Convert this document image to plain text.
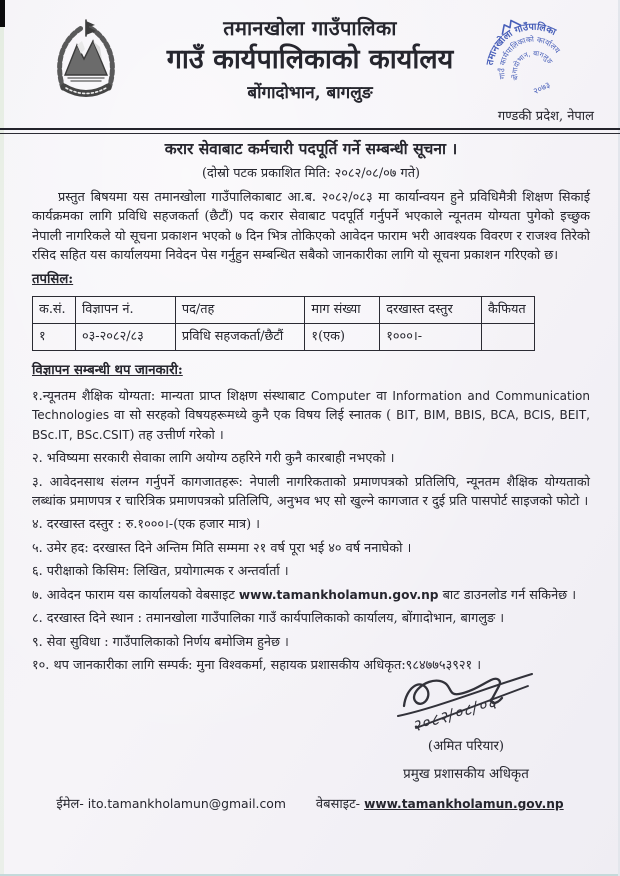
तमानखोला गाउँपालिका
गाउँ कार्यपालिकाको कार्यालय
बोंगादोभान, बागलुङ
तमानखोला गाउँपालिका
गाउँ कार्यपालिकाको कार्यालय
बोंगादोभान, बागलुङ
२०७३
गण्डकी प्रदेश, नेपाल
करार सेवाबाट कर्मचारी पदपूर्ति गर्ने सम्बन्धी सूचना ।
(दोस्रो पटक प्रकाशित मिति: २०८२/०८/०७ गते)

प्रस्तुत बिषयमा यस तमानखोला गाउँपालिकाबाट आ.ब. २०८२/०८३ मा कार्यान्वयन हुने प्रविधिमैत्री शिक्षण सिकाई कार्यक्रमका लागि प्रविधि सहजकर्ता (छैटौं) पद करार सेवाबाट पदपूर्ति गर्नुपर्ने भएकाले न्यूनतम योग्यता पुगेको इच्छुक नेपाली नागरिकले यो सूचना प्रकाशन भएको ७ दिन भित्र तोकिएको आवेदन फाराम भरी आवश्यक विवरण र राजश्व तिरेको रसिद सहित यस कार्यालयमा निवेदन पेस गर्नुहुन सम्बन्धित सबैको जानकारीका लागि यो सूचना प्रकाशन गरिएको छ।

तपसिल:
क.सं.	विज्ञापन नं.	पद/तह	माग संख्या	दरखास्त दस्तुर	कैफियत
१	०३-२०८२/८३	प्रविधि सहजकर्ता/छैटौं	१(एक)	१०००।-	
विज्ञापन सम्बन्धी थप जानकारी:

१.न्यूनतम शैक्षिक योग्यता: मान्यता प्राप्त शिक्षण संस्थाबाट Computer वा Information and Communication Technologies वा सो सरहको विषयहरूमध्ये कुनै एक विषय लिई स्नातक ( BIT, BIM, BBIS, BCA, BCIS, BEIT, BSc.IT, BSc.CSIT) तह उत्तीर्ण गरेको ।

२. भविष्यमा सरकारी सेवाका लागि अयोग्य ठहरिने गरी कुनै कारबाही नभएको ।

३. आवेदनसाथ संलग्न गर्नुपर्ने कागजातहरू: नेपाली नागरिकताको प्रमाणपत्रको प्रतिलिपि, न्यूनतम शैक्षिक योग्यताको लब्धांक प्रमाणपत्र र चारित्रिक प्रमाणपत्रको प्रतिलिपि, अनुभव भए सो खुल्ने कागजात र दुई प्रति पासपोर्ट साइजको फोटो ।

४. दरखास्त दस्तुर : रु.१०००।-(एक हजार मात्र) ।

५. उमेर हद: दरखास्त दिने अन्तिम मिति सम्ममा २१ वर्ष पूरा भई ४० वर्ष ननाघेको ।

६. परीक्षाको किसिम: लिखित, प्रयोगात्मक र अन्तर्वार्ता ।

७. आवेदन फाराम यस कार्यालयको वेबसाइट www.tamankholamun.gov.np बाट डाउनलोड गर्न सकिनेछ ।

८. दरखास्त दिने स्थान : तमानखोला गाउँपालिका गाउँ कार्यपालिकाको कार्यालय, बोंगादोभान, बागलुङ ।

९. सेवा सुविधा : गाउँपालिकाको निर्णय बमोजिम हुनेछ ।

१०. थप जानकारीका लागि सम्पर्क: मुना विश्वकर्मा, सहायक प्रशासकीय अधिकृत:९८४७७५३९२१ ।

२०८२/०८/०६
(अमित परियार)
प्रमुख प्रशासकीय अधिकृत
ईमेल- ito.tamankholamun@gmail.com वेबसाइट- www.tamankholamun.gov.np
